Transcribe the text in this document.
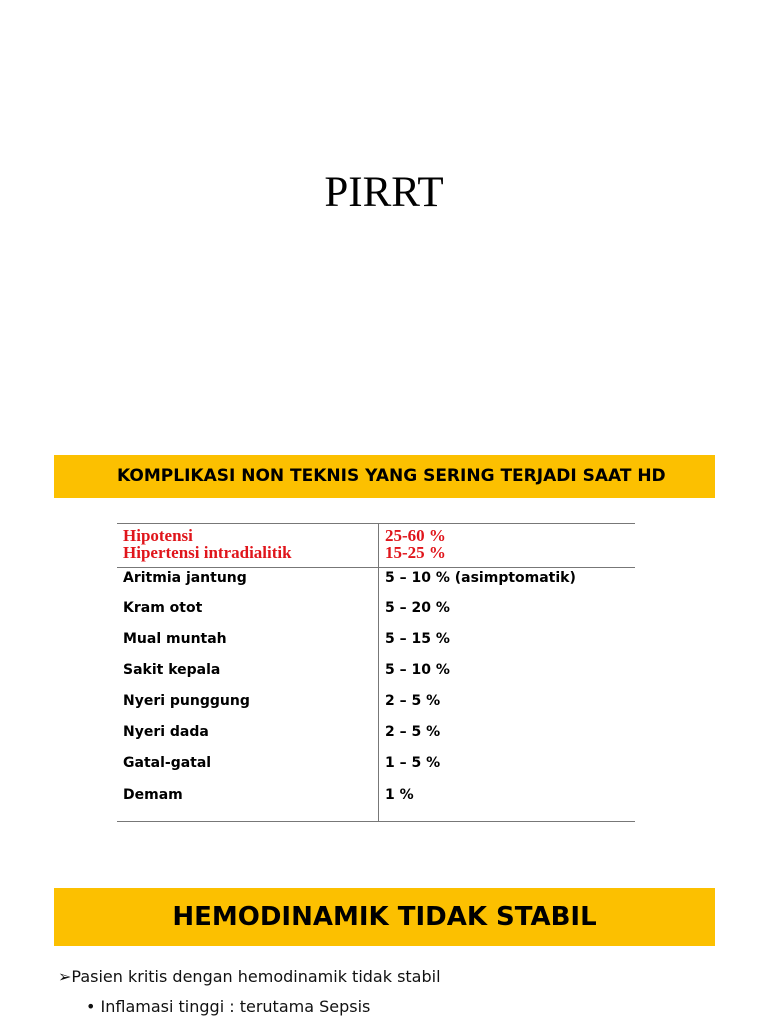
PIRRT
KOMPLIKASI NON TEKNIS YANG SERING TERJADI SAAT HD
Hipotensi	25-60 %
Hipertensi intradialitik	15-25 %
Aritmia jantung	5 – 10 % (asimptomatik)
Kram otot	5 – 20 %
Mual muntah	5 – 15 %
Sakit kepala	5 – 10 %
Nyeri punggung	2 – 5 %
Nyeri dada	2 – 5 %
Gatal-gatal	1 – 5 %
Demam	1 %
HEMODINAMIK TIDAK STABIL
➢Pasien kritis dengan hemodinamik tidak stabil
• Inflamasi tinggi : terutama Sepsis
